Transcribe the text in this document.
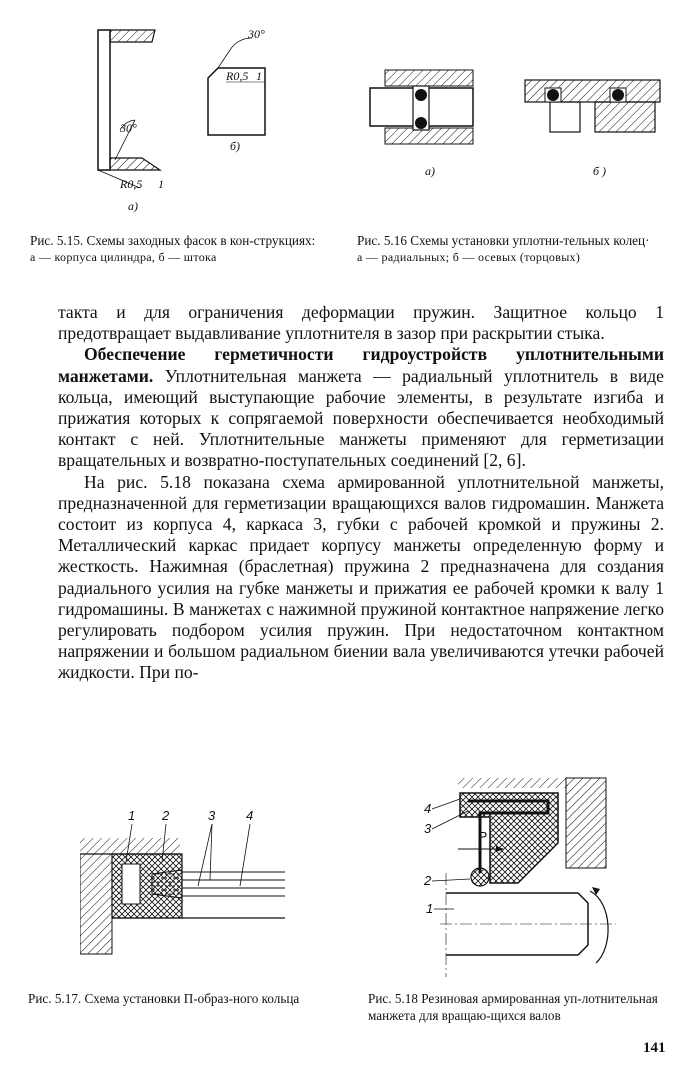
30°
R0,5 1
а)
30°
R0,5 1
б)
а)	б )
Рис. 5.15. Схемы заходных фасок в кон-струкциях:
а — корпуса цилиндра, б — штока
Рис. 5.16 Схемы установки уплотни-тельных колец·
а — радиальных; б — осевых (торцовых)

такта и для ограничения деформации пружин. Защитное кольцо 1 предотвращает выдавливание уплотнителя в зазор при раскрытии стыка.

Обеспечение герметичности гидроустройств уплотнительными манжетами. Уплотнительная манжета — радиальный уплотнитель в виде кольца, имеющий выступающие рабочие элементы, в результате изгиба и прижатия которых к сопрягаемой поверхности обеспечивается необходимый контакт с ней. Уплотнительные манжеты применяют для герметизации вращательных и возвратно-поступательных соединений [2, 6].

На рис. 5.18 показана схема армированной уплотнительной манжеты, предназначенной для герметизации вращающихся валов гидромашин. Манжета состоит из корпуса 4, каркаса 3, губки с рабочей кромкой и пружины 2. Металлический каркас придает корпусу манжеты определенную форму и жесткость. Нажимная (браслетная) пружина 2 предназначена для создания радиального усилия на губке манжеты и прижатия ее рабочей кромки к валу 1 гидромашины. В манжетах с нажимной пружиной контактное напряжение легко регулировать подбором усилия пружин. При недостаточном контактном напряжении и большом радиальном биении вала увеличиваются утечки рабочей жидкости. При по-

1 2	3 4	4
3
P
2
1
Рис. 5.17. Схема установки П-образ-ного кольца	Рис. 5.18 Резиновая армированная уп-лотнительная манжета для вращаю-щихся валов
141
